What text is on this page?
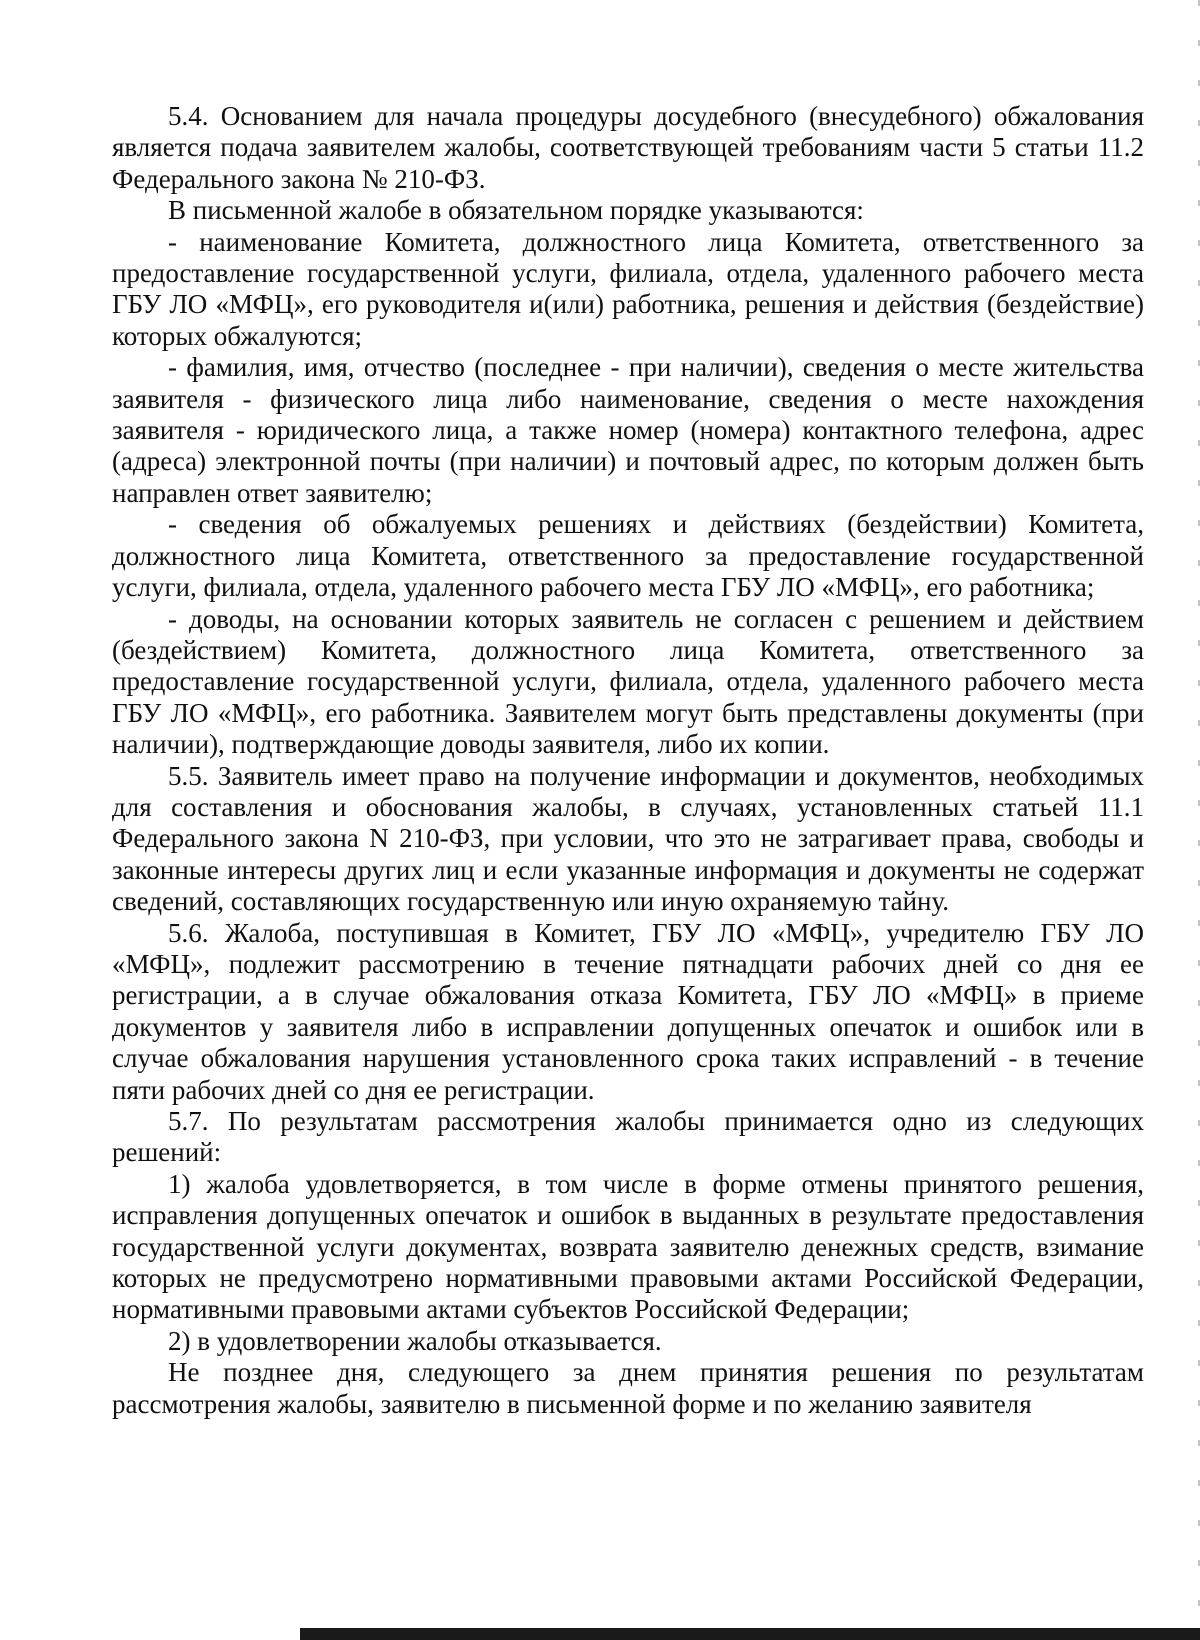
5.4. Основанием для начала процедуры досудебного (внесудебного) обжалования является подача заявителем жалобы, соответствующей требованиям части 5 статьи 11.2 Федерального закона № 210-ФЗ.

В письменной жалобе в обязательном порядке указываются:

- наименование Комитета, должностного лица Комитета, ответственного за предоставление государственной услуги, филиала, отдела, удаленного рабочего места ГБУ ЛО «МФЦ», его руководителя и(или) работника, решения и действия (бездействие) которых обжалуются;

- фамилия, имя, отчество (последнее - при наличии), сведения о месте жительства заявителя - физического лица либо наименование, сведения о месте нахождения заявителя - юридического лица, а также номер (номера) контактного телефона, адрес (адреса) электронной почты (при наличии) и почтовый адрес, по которым должен быть направлен ответ заявителю;

- сведения об обжалуемых решениях и действиях (бездействии) Комитета, должностного лица Комитета, ответственного за предоставление государственной услуги, филиала, отдела, удаленного рабочего места ГБУ ЛО «МФЦ», его работника;

- доводы, на основании которых заявитель не согласен с решением и действием (бездействием) Комитета, должностного лица Комитета, ответственного за предоставление государственной услуги, филиала, отдела, удаленного рабочего места ГБУ ЛО «МФЦ», его работника. Заявителем могут быть представлены документы (при наличии), подтверждающие доводы заявителя, либо их копии.

5.5. Заявитель имеет право на получение информации и документов, необходимых для составления и обоснования жалобы, в случаях, установленных статьей 11.1 Федерального закона N 210-ФЗ, при условии, что это не затрагивает права, свободы и законные интересы других лиц и если указанные информация и документы не содержат сведений, составляющих государственную или иную охраняемую тайну.

5.6. Жалоба, поступившая в Комитет, ГБУ ЛО «МФЦ», учредителю ГБУ ЛО «МФЦ», подлежит рассмотрению в течение пятнадцати рабочих дней со дня ее регистрации, а в случае обжалования отказа Комитета, ГБУ ЛО «МФЦ» в приеме документов у заявителя либо в исправлении допущенных опечаток и ошибок или в случае обжалования нарушения установленного срока таких исправлений - в течение пяти рабочих дней со дня ее регистрации.

5.7. По результатам рассмотрения жалобы принимается одно из следующих решений:

1) жалоба удовлетворяется, в том числе в форме отмены принятого решения, исправления допущенных опечаток и ошибок в выданных в результате предоставления государственной услуги документах, возврата заявителю денежных средств, взимание которых не предусмотрено нормативными правовыми актами Российской Федерации, нормативными правовыми актами субъектов Российской Федерации;

2) в удовлетворении жалобы отказывается.

Не позднее дня, следующего за днем принятия решения по результатам рассмотрения жалобы, заявителю в письменной форме и по желанию заявителя
